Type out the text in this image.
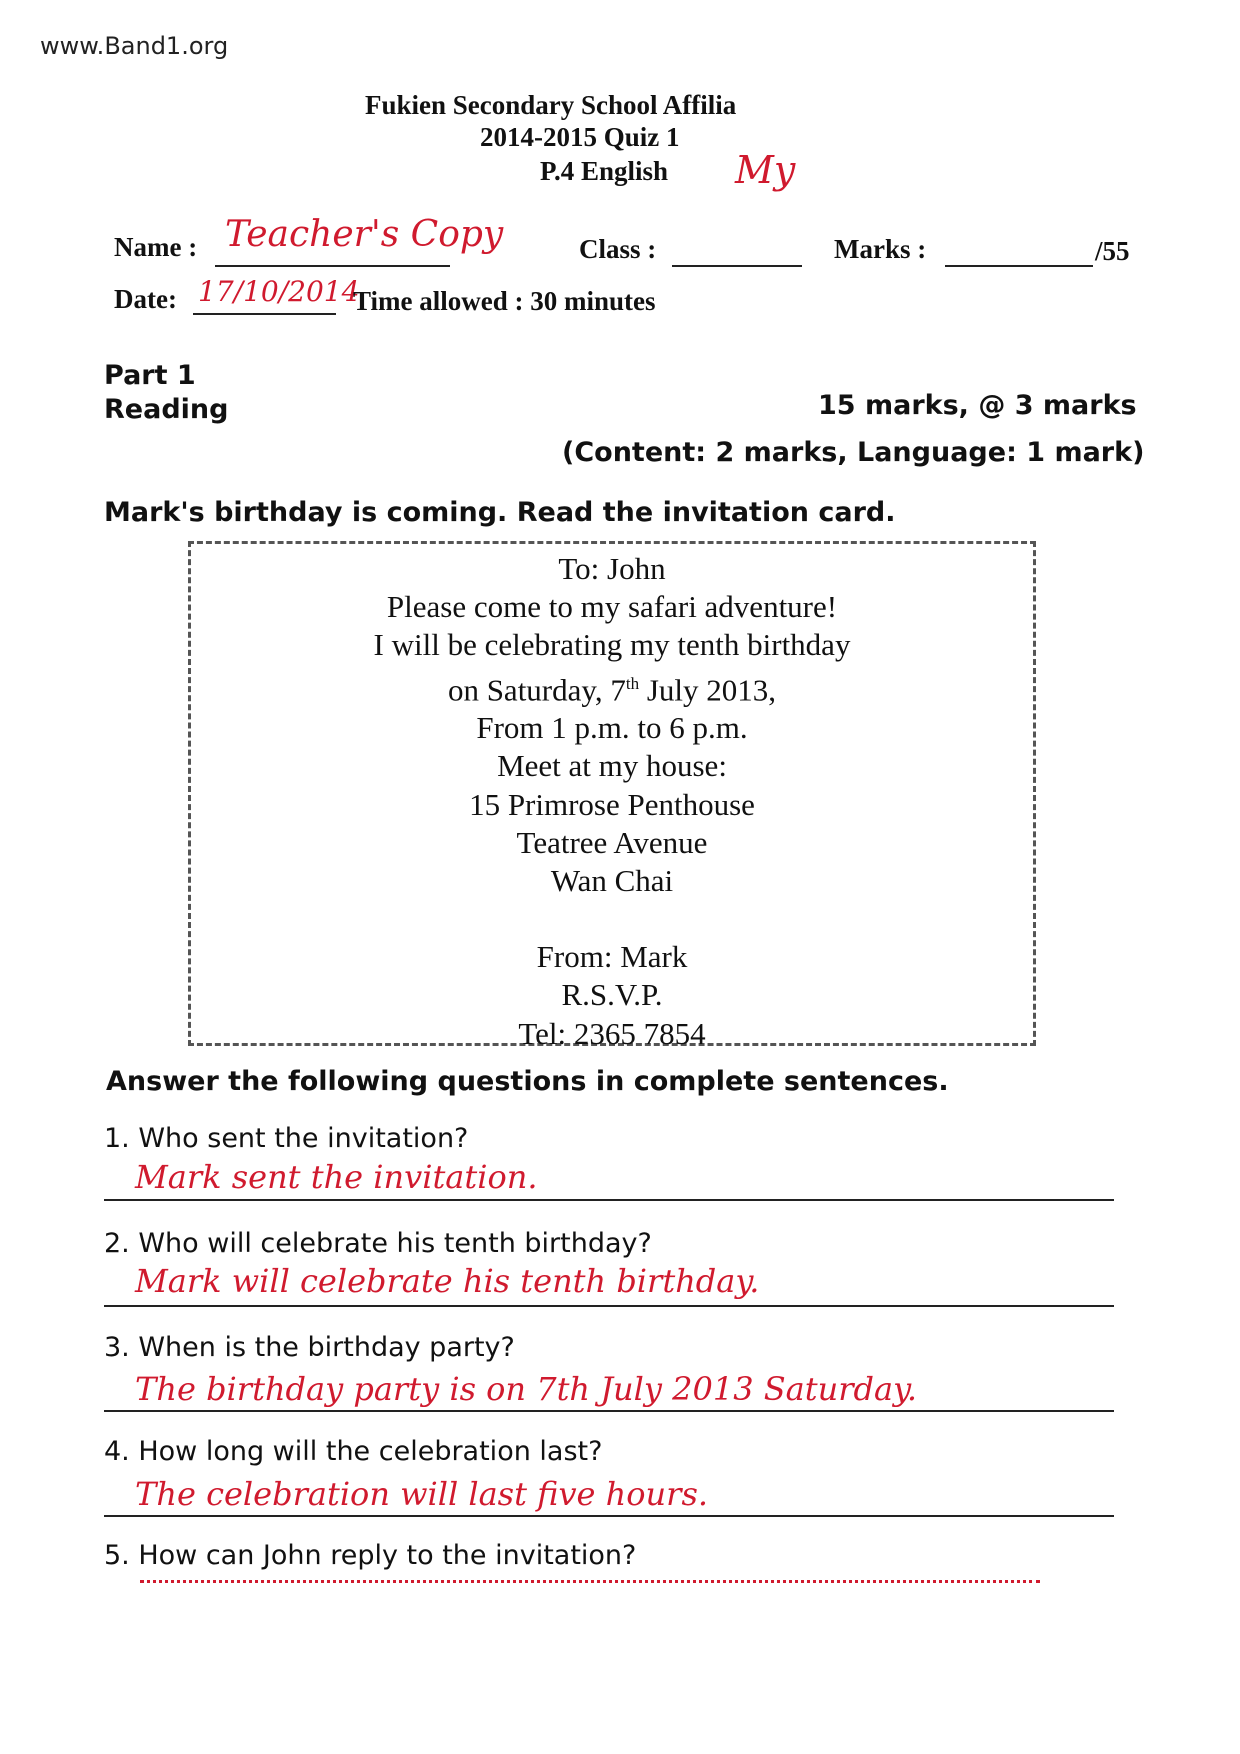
www.Band1.org
Fukien Secondary School Affilia
2014-2015 Quiz 1
P.4 English	My
Name : Teacher's Copy	Class :	Marks :	/55
Date: 17/10/2014
Time allowed : 30 minutes
Part 1
Reading	15 marks, @ 3 marks
(Content: 2 marks, Language: 1 mark)
Mark's birthday is coming. Read the invitation card.
To: John
Please come to my safari adventure!
I will be celebrating my tenth birthday
on Saturday, 7th July 2013,
From 1 p.m. to 6 p.m.
Meet at my house:
15 Primrose Penthouse
Teatree Avenue
Wan Chai
From: Mark
R.S.V.P.
Tel: 2365 7854
Answer the following questions in complete sentences.
1. Who sent the invitation?
Mark sent the invitation.
2. Who will celebrate his tenth birthday?
Mark will celebrate his tenth birthday.
3. When is the birthday party?
The birthday party is on 7th July 2013 Saturday.
4. How long will the celebration last?
The celebration will last five hours.
5. How can John reply to the invitation?
